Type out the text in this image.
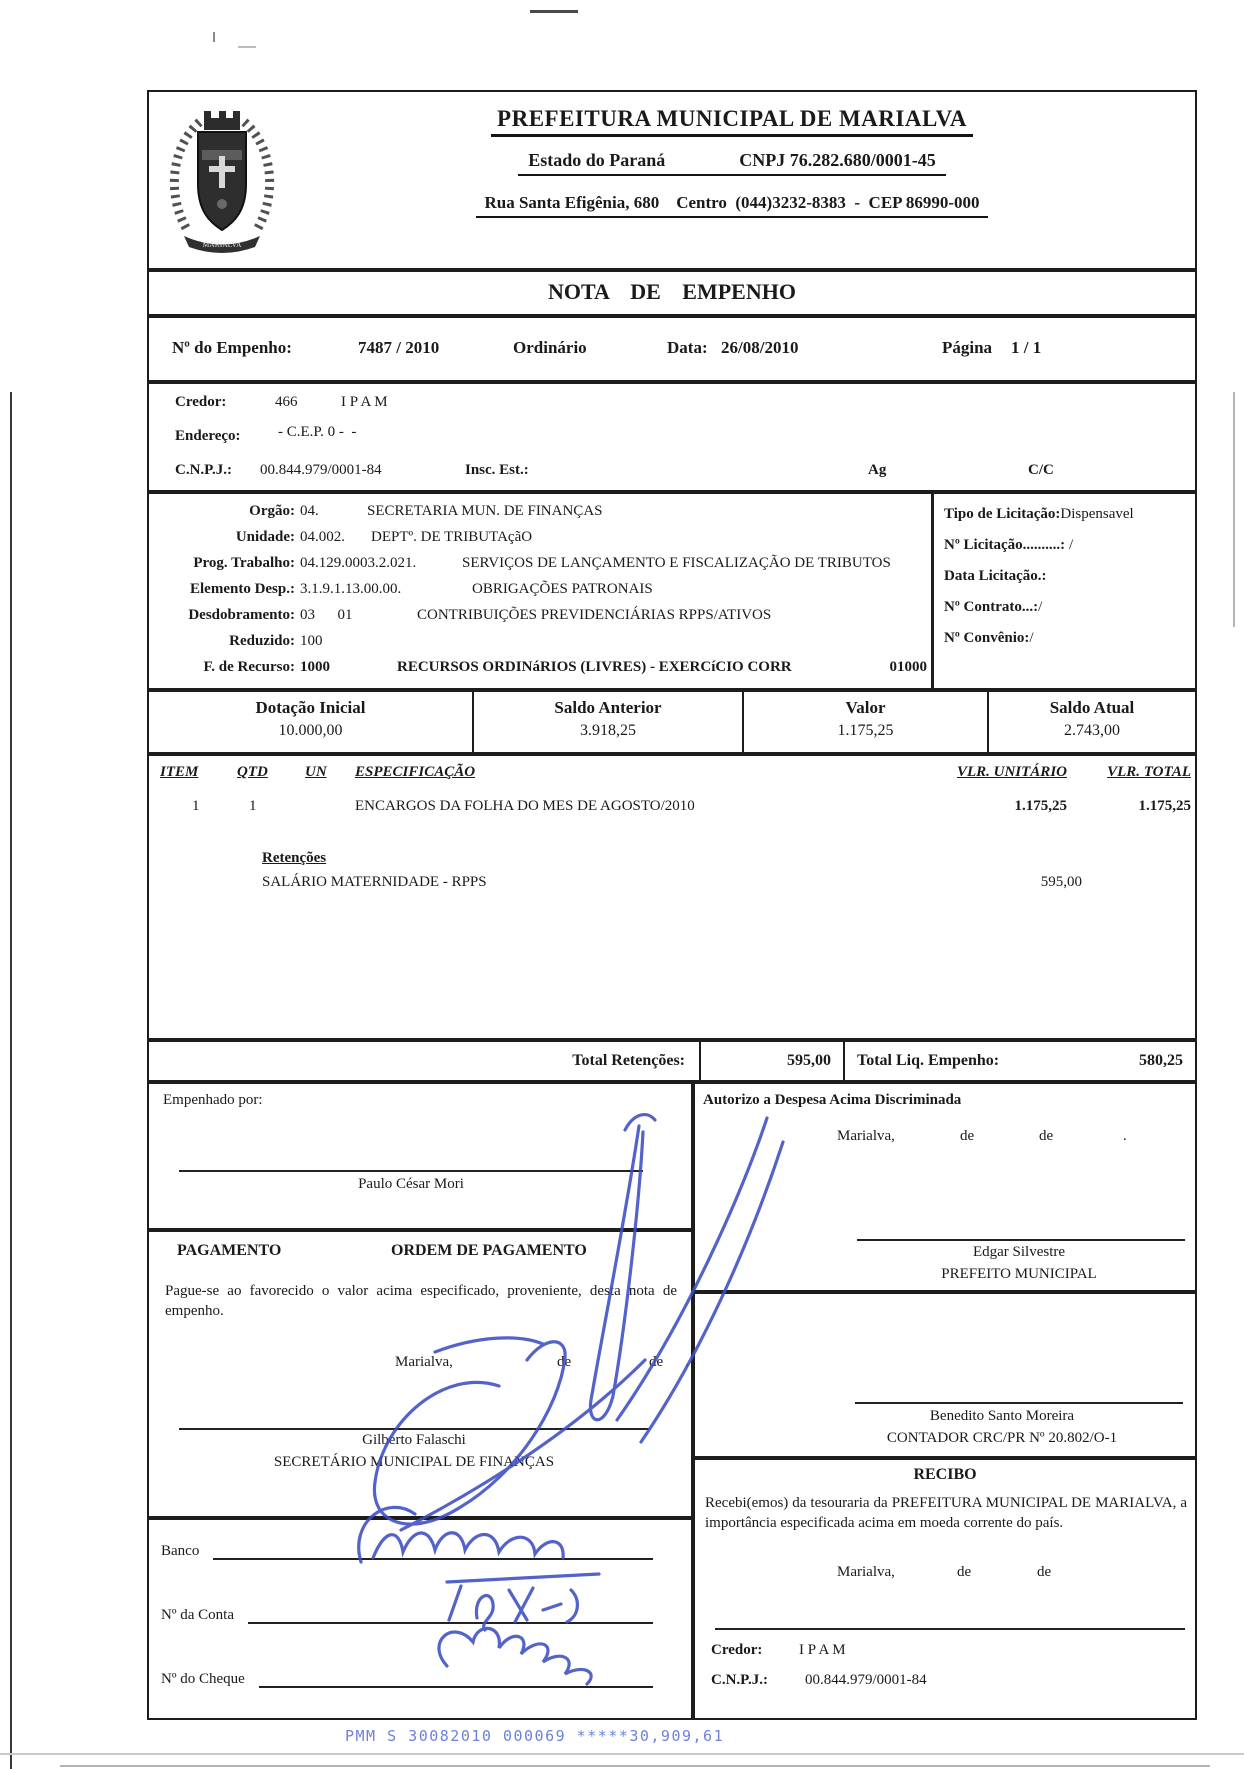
MARIALVA
PREFEITURA MUNICIPAL DE MARIALVA
Estado do Paraná	CNPJ 76.282.680/0001-45
Rua Santa Efigênia, 680    Centro  (044)3232-8383  -  CEP 86990-000
NOTA DE EMPENHO
Nº do Empenho:	7487 / 2010	Ordinário	Data: 26/08/2010	Página 1 / 1
Credor:	466	I P A M
Endereço: - C.E.P. 0 -  -
C.N.P.J.: 00.844.979/0001-84	Insc. Est.:	Ag	C/C
Orgão: 04.	SECRETARIA MUN. DE FINANÇAS
Unidade: 04.002.	DEPTº. DE TRIBUTAçãO
Prog. Trabalho: 04.129.0003.2.021.	SERVIÇOS DE LANÇAMENTO E FISCALIZAÇÃO DE TRIBUTOS
Elemento Desp.: 3.1.9.1.13.00.00.	OBRIGAÇÕES PATRONAIS
Desdobramento: 03      01	CONTRIBUIÇÕES PREVIDENCIÁRIAS RPPS/ATIVOS
Reduzido: 100
F. de Recurso: 1000	RECURSOS ORDINáRIOS (LIVRES) - EXERCíCIO CORR	01000
Tipo de Licitação:Dispensavel
Nº Licitação..........: /
Data Licitação.:
Nº Contrato...:/
Nº Convênio:/
Dotação Inicial
10.000,00
Saldo Anterior
3.918,25
Valor
1.175,25
Saldo Atual
2.743,00
ITEM	QTD UN ESPECIFICAÇÃO	VLR. UNITÁRIO	VLR. TOTAL
1	1	ENCARGOS DA FOLHA DO MES DE AGOSTO/2010	1.175,25	1.175,25
Retenções
SALÁRIO MATERNIDADE - RPPS	595,00
Total Retenções:	595,00	Total Liq. Empenho:	580,25
Empenhado por:
Paulo César Mori
PAGAMENTO	ORDEM DE PAGAMENTO
Pague-se ao favorecido o valor acima especificado, proveniente, desta nota de empenho.
Marialva,	de	de .
Gilberto Falaschi
SECRETÁRIO MUNICIPAL DE FINANÇAS
Banco
Nº da Conta
Nº do Cheque
Autorizo a Despesa Acima Discriminada
Marialva,	de	de	.
Edgar Silvestre
PREFEITO MUNICIPAL
Benedito Santo Moreira
CONTADOR CRC/PR Nº 20.802/O-1
RECIBO
Recebi(emos) da tesouraria da PREFEITURA MUNICIPAL DE MARIALVA, a importância especificada acima em moeda corrente do país.
Marialva,	de	de
Credor: I P A M
C.N.P.J.: 00.844.979/0001-84
PMM S 30082010 000069 *****30,909,61
